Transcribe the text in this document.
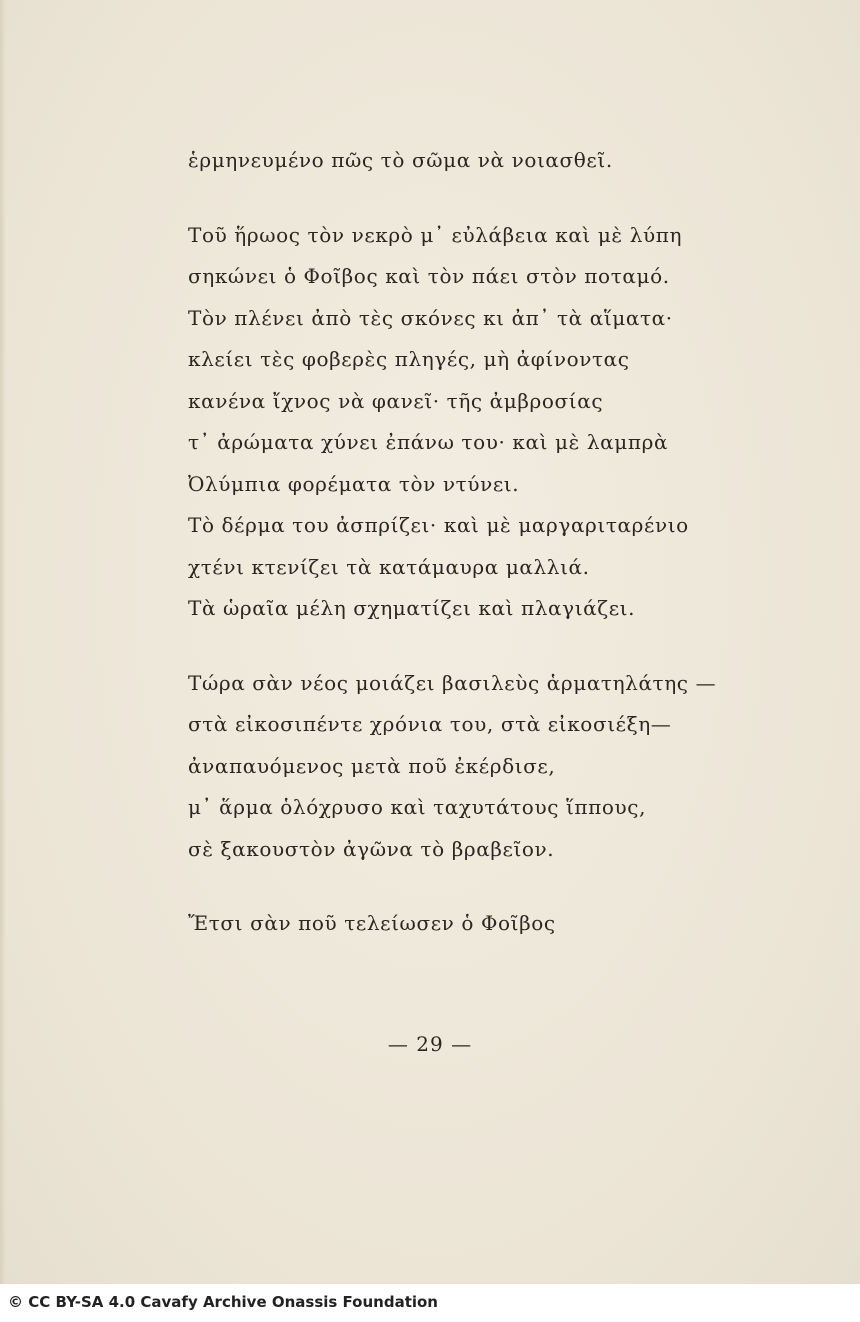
ἑρμηνευμένο πῶς τὸ σῶμα νὰ νοιασθεῖ.
Τοῦ ἥρωος τὸν νεκρὸ μ᾿ εὐλάβεια καὶ μὲ λύπη
σηκώνει ὁ Φοῖβος καὶ τὸν πάει στὸν ποταμό.
Τὸν πλένει ἀπὸ τὲς σκόνες κι ἀπ᾿ τὰ αἵματα·
κλείει τὲς φοβερὲς πληγές, μὴ ἀφίνοντας
κανένα ἴχνος νὰ φανεῖ· τῆς ἀμβροσίας
τ᾿ ἀρώματα χύνει ἐπάνω του· καὶ μὲ λαμπρὰ
Ὀλύμπια φορέματα τὸν ντύνει.
Τὸ δέρμα του ἀσπρίζει· καὶ μὲ μαργαριταρένιο
χτένι κτενίζει τὰ κατάμαυρα μαλλιά.
Τὰ ὡραῖα μέλη σχηματίζει καὶ πλαγιάζει.
Τώρα σὰν νέος μοιάζει βασιλεὺς ἁρματηλάτης —
στὰ εἰκοσιπέντε χρόνια του, στὰ εἰκοσιέξη—
ἀναπαυόμενος μετὰ ποῦ ἐκέρδισε,
μ᾿ ἅρμα ὁλόχρυσο καὶ ταχυτάτους ἵππους,
σὲ ξακουστὸν ἀγῶνα τὸ βραβεῖον.
Ἔτσι σὰν ποῦ τελείωσεν ὁ Φοῖβος
— 29 —
© CC BY-SA 4.0 Cavafy Archive Onassis Foundation
